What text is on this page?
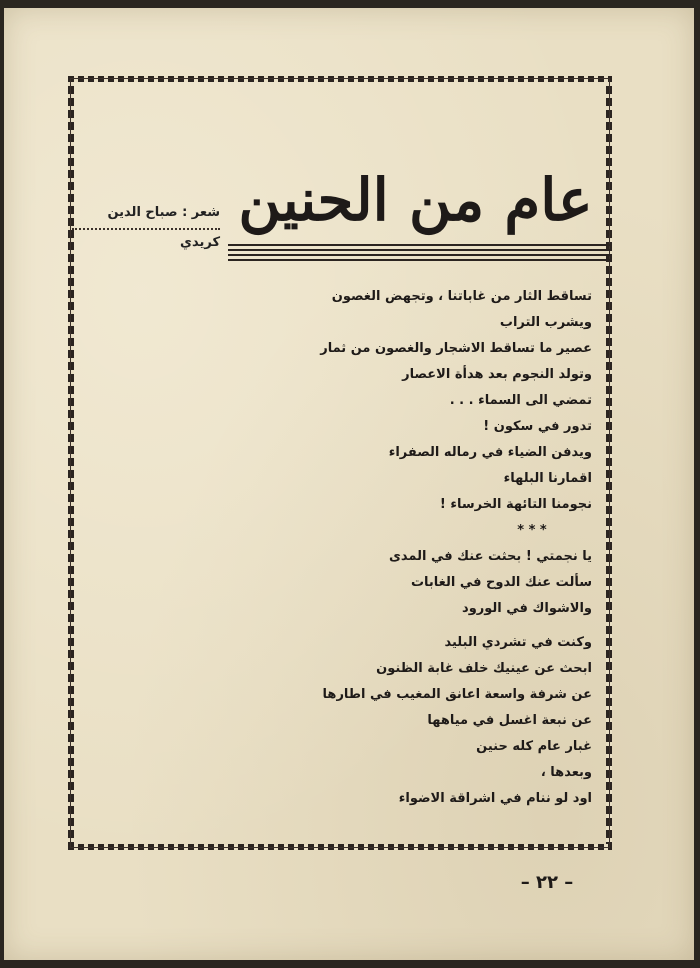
عام من الحنين
شعر : صباح الدين كريدي
تساقط الثار من غاباتنا ، وتجهض الغصون
ويشرب التراب
عصير ما تساقط الاشجار والغصون من ثمار
وتولد النجوم بعد هدأة الاعصار
تمضي الى السماء . . .
تدور في سكون !
ويدفن الضياء في رماله الصفراء
اقمارنا البلهاء
نجومنا التائهة الخرساء !
* * *
يا نجمتي ! بحثت عنك في المدى
سألت عنك الدوح في الغابات
والاشواك في الورود
وكنت في تشردي البليد
ابحث عن عينيك خلف غابة الظنون
عن شرفة واسعة اعانق المغيب في اطارها
عن نبعة اغسل في مياهها
غبار عام كله حنين
وبعدها ،
اود لو ننام في اشراقة الاضواء
– ٢٢ –
